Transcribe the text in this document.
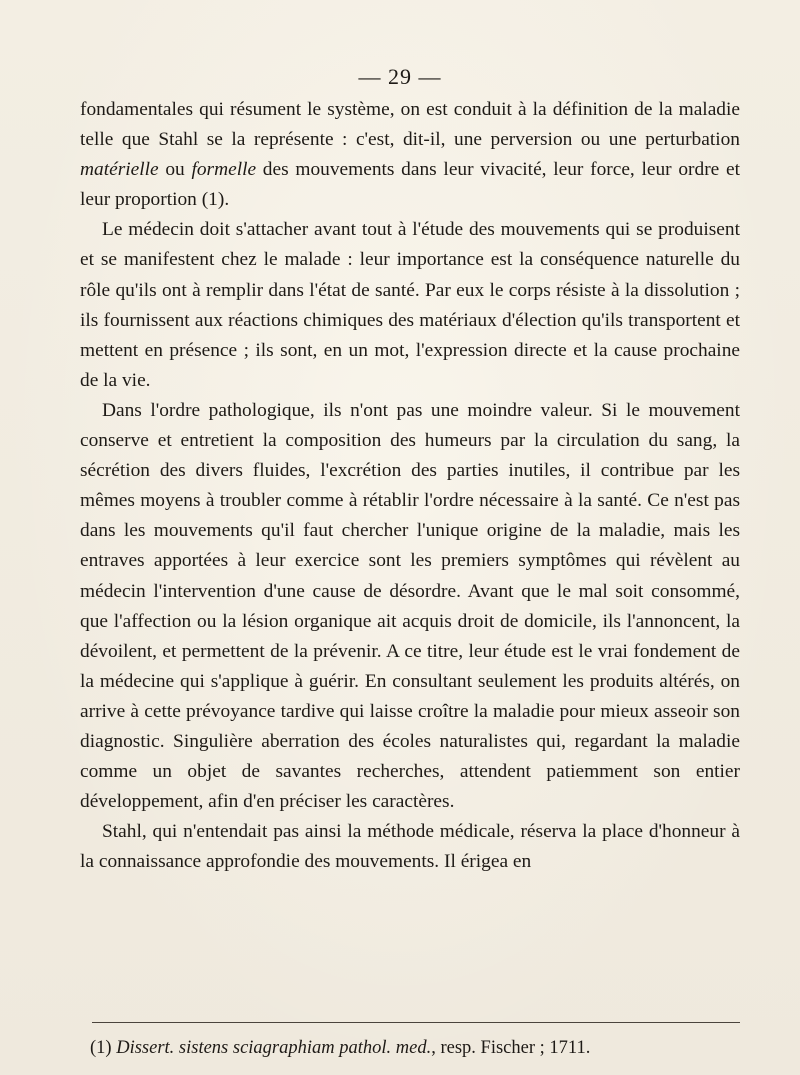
— 29 —

fondamentales qui résument le système, on est conduit à la définition de la maladie telle que Stahl se la représente : c'est, dit-il, une perversion ou une perturbation matérielle ou formelle des mouvements dans leur vivacité, leur force, leur ordre et leur proportion (1).

Le médecin doit s'attacher avant tout à l'étude des mouvements qui se produisent et se manifestent chez le malade : leur importance est la conséquence naturelle du rôle qu'ils ont à remplir dans l'état de santé. Par eux le corps résiste à la dissolution ; ils fournissent aux réactions chimiques des matériaux d'élection qu'ils transportent et mettent en présence ; ils sont, en un mot, l'expression directe et la cause prochaine de la vie.

Dans l'ordre pathologique, ils n'ont pas une moindre valeur. Si le mouvement conserve et entretient la composition des humeurs par la circulation du sang, la sécrétion des divers fluides, l'excrétion des parties inutiles, il contribue par les mêmes moyens à troubler comme à rétablir l'ordre nécessaire à la santé. Ce n'est pas dans les mouvements qu'il faut chercher l'unique origine de la maladie, mais les entraves apportées à leur exercice sont les premiers symptômes qui révèlent au médecin l'intervention d'une cause de désordre. Avant que le mal soit consommé, que l'affection ou la lésion organique ait acquis droit de domicile, ils l'annoncent, la dévoilent, et permettent de la prévenir. A ce titre, leur étude est le vrai fondement de la médecine qui s'applique à guérir. En consultant seulement les produits altérés, on arrive à cette prévoyance tardive qui laisse croître la maladie pour mieux asseoir son diagnostic. Singulière aberration des écoles naturalistes qui, regardant la maladie comme un objet de savantes recherches, attendent patiemment son entier développement, afin d'en préciser les caractères.

Stahl, qui n'entendait pas ainsi la méthode médicale, réserva la place d'honneur à la connaissance approfondie des mouvements. Il érigea en

(1) Dissert. sistens sciagraphiam pathol. med., resp. Fischer ; 1711.
